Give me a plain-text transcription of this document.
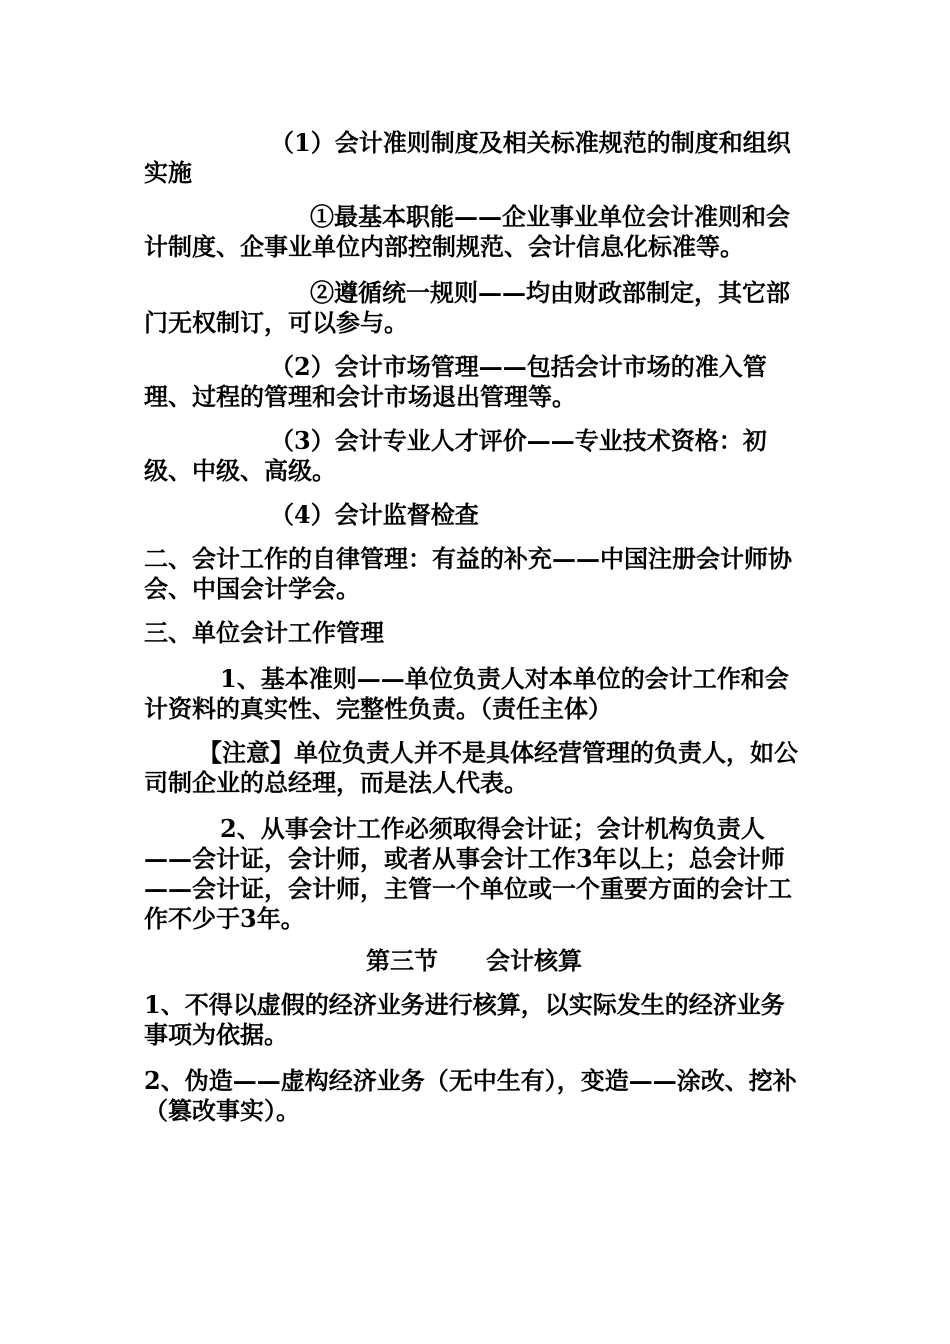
（1）会计准则制度及相关标准规范的制度和组织实施

①最基本职能——企业事业单位会计准则和会计制度、企事业单位内部控制规范、会计信息化标准等。

②遵循统一规则——均由财政部制定，其它部门无权制订，可以参与。

（2）会计市场管理——包括会计市场的准入管理、过程的管理和会计市场退出管理等。

（3）会计专业人才评价——专业技术资格：初级、中级、高级。

（4）会计监督检查

二、会计工作的自律管理：有益的补充——中国注册会计师协会、中国会计学会。

三、单位会计工作管理

1、基本准则——单位负责人对本单位的会计工作和会计资料的真实性、完整性负责。（责任主体）

【注意】单位负责人并不是具体经营管理的负责人，如公司制企业的总经理，而是法人代表。

2、从事会计工作必须取得会计证；会计机构负责人——会计证，会计师，或者从事会计工作3年以上；总会计师——会计证，会计师，主管一个单位或一个重要方面的会计工作不少于3年。

第三节　　会计核算

1、不得以虚假的经济业务进行核算，以实际发生的经济业务事项为依据。

2、伪造——虚构经济业务（无中生有），变造——涂改、挖补（篡改事实）。
